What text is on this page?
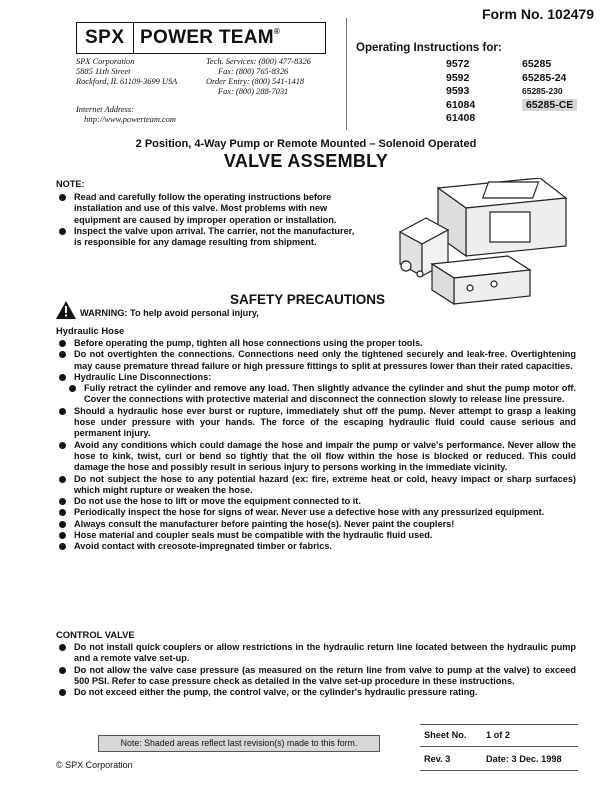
SPX POWER TEAM®
SPX Corporation
5885 11th Street
Rockford, IL 61109-3699 USA
Tech. Services: (800) 477-8326
Fax: (800) 765-8326
Order Entry: (800) 541-1418
Fax: (800) 288-7031
Internet Address:
http://www.powerteam.com
Form No. 102479
Operating Instructions for:
9572
9592
9593
61084
61408
65285
65285-24
65285-230
65285-CE
2 Position, 4-Way Pump or Remote Mounted – Solenoid Operated
VALVE ASSEMBLY
NOTE:
Read and carefully follow the operating instructions before installation and use of this valve. Most problems with new equipment are caused by improper operation or installation.
Inspect the valve upon arrival. The carrier, not the manufacturer, is responsible for any damage resulting from shipment.
SAFETY PRECAUTIONS
WARNING: To help avoid personal injury,
Hydraulic Hose
Before operating the pump, tighten all hose connections using the proper tools.
Do not overtighten the connections. Connections need only the tightened securely and leak-free. Overtightening may cause premature thread failure or high pressure fittings to split at pressures lower than their rated capacities.
Hydraulic Line Disconnections:
Fully retract the cylinder and remove any load. Then slightly advance the cylinder and shut the pump motor off. Cover the connections with protective material and disconnect the connection slowly to release line pressure.
Should a hydraulic hose ever burst or rupture, immediately shut off the pump. Never attempt to grasp a leaking hose under pressure with your hands. The force of the escaping hydraulic fluid could cause serious and permanent injury.
Avoid any conditions which could damage the hose and impair the pump or valve's performance. Never allow the hose to kink, twist, curl or bend so tightly that the oil flow within the hose is blocked or reduced. This could damage the hose and possibly result in serious injury to persons working in the immediate vicinity.
Do not subject the hose to any potential hazard (ex: fire, extreme heat or cold, heavy impact or sharp surfaces) which might rupture or weaken the hose.
Do not use the hose to lift or move the equipment connected to it.
Periodically inspect the hose for signs of wear. Never use a defective hose with any pressurized equipment.
Always consult the manufacturer before painting the hose(s). Never paint the couplers!
Hose material and coupler seals must be compatible with the hydraulic fluid used.
Avoid contact with creosote-impregnated timber or fabrics.
CONTROL VALVE
Do not install quick couplers or allow restrictions in the hydraulic return line located between the hydraulic pump and a remote valve set-up.
Do not allow the valve case pressure (as measured on the return line from valve to pump at the valve) to exceed 500 PSI. Refer to case pressure check as detailed in the valve set-up procedure in these instructions.
Do not exceed either the pump, the control valve, or the cylinder's hydraulic pressure rating.
Note: Shaded areas reflect last revision(s) made to this form.
Sheet No. 1 of 2
Rev. 3	Date: 3 Dec. 1998
© SPX Corporation
